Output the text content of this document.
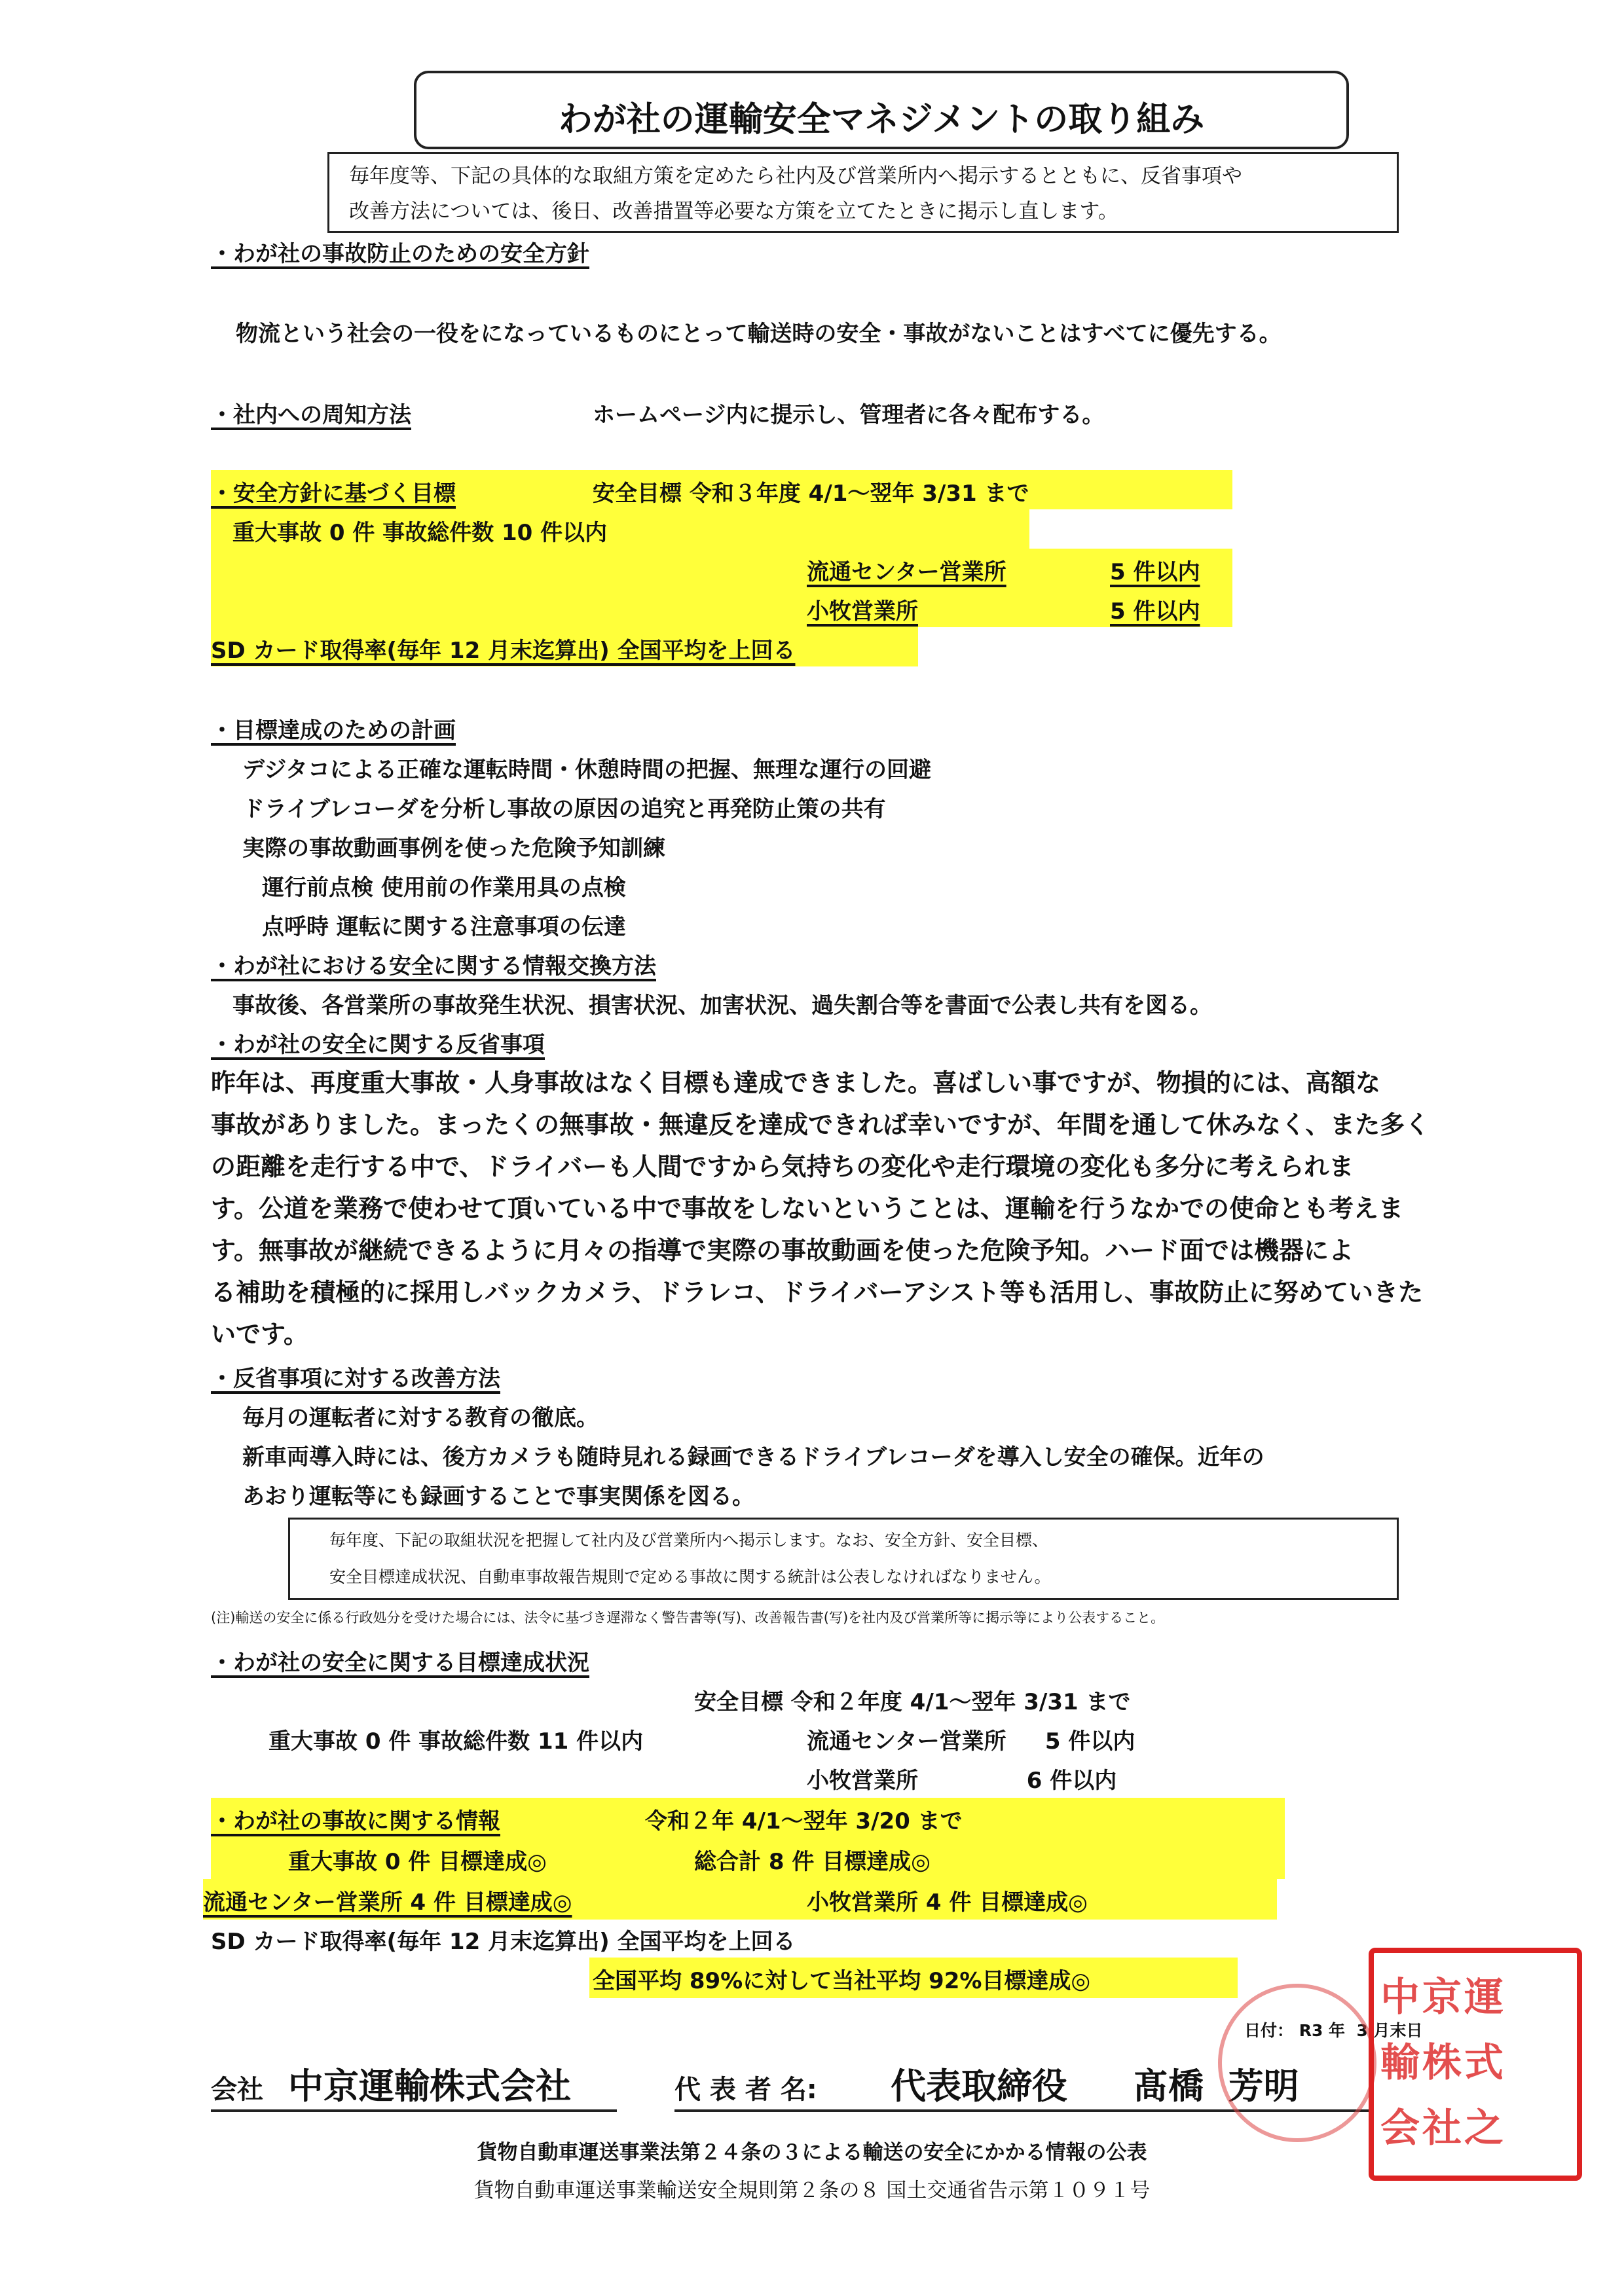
わが社の運輸安全マネジメントの取り組み
毎年度等、下記の具体的な取組方策を定めたら社内及び営業所内へ掲示するとともに、反省事項や
改善方法については、後日、改善措置等必要な方策を立てたときに掲示し直します。
・わが社の事故防止のための安全方針
物流という社会の一役をになっているものにとって輸送時の安全・事故がないことはすべてに優先する。
・社内への周知方法	ホームページ内に提示し、管理者に各々配布する。
・安全方針に基づく目標	安全目標 令和３年度 4/1～翌年 3/31 まで
重大事故 0 件 事故総件数 10 件以内
流通センター営業所	5 件以内
小牧営業所	5 件以内
SD カード取得率(毎年 12 月末迄算出) 全国平均を上回る
・目標達成のための計画
デジタコによる正確な運転時間・休憩時間の把握、無理な運行の回避
ドライブレコーダを分析し事故の原因の追究と再発防止策の共有
実際の事故動画事例を使った危険予知訓練
運行前点検 使用前の作業用具の点検
点呼時 運転に関する注意事項の伝達
・わが社における安全に関する情報交換方法
事故後、各営業所の事故発生状況、損害状況、加害状況、過失割合等を書面で公表し共有を図る。
・わが社の安全に関する反省事項
昨年は、再度重大事故・人身事故はなく目標も達成できました。喜ばしい事ですが、物損的には、高額な
事故がありました。まったくの無事故・無違反を達成できれば幸いですが、年間を通して休みなく、また多く
の距離を走行する中で、ドライバーも人間ですから気持ちの変化や走行環境の変化も多分に考えられま
す。公道を業務で使わせて頂いている中で事故をしないということは、運輸を行うなかでの使命とも考えま
す。無事故が継続できるように月々の指導で実際の事故動画を使った危険予知。ハード面では機器によ
る補助を積極的に採用しバックカメラ、ドラレコ、ドライバーアシスト等も活用し、事故防止に努めていきた
いです。
・反省事項に対する改善方法
毎月の運転者に対する教育の徹底。
新車両導入時には、後方カメラも随時見れる録画できるドライブレコーダを導入し安全の確保。近年の
あおり運転等にも録画することで事実関係を図る。
毎年度、下記の取組状況を把握して社内及び営業所内へ掲示します。なお、安全方針、安全目標、
安全目標達成状況、自動車事故報告規則で定める事故に関する統計は公表しなければなりません。
(注)輸送の安全に係る行政処分を受けた場合には、法令に基づき遅滞なく警告書等(写)、改善報告書(写)を社内及び営業所等に掲示等により公表すること。
・わが社の安全に関する目標達成状況
安全目標 令和２年度 4/1～翌年 3/31 まで
重大事故 0 件 事故総件数 11 件以内	流通センター営業所     5 件以内
小牧営業所              6 件以内
・わが社の事故に関する情報	令和２年 4/1～翌年 3/20 まで
重大事故 0 件 目標達成◎	総合計 8 件 目標達成◎
流通センター営業所 4 件 目標達成◎	小牧営業所 4 件 目標達成◎
SD カード取得率(毎年 12 月末迄算出) 全国平均を上回る
全国平均 89%に対して当社平均 92%目標達成◎
日付： R3 年  3 月末日
会社 中京運輸株式会社	代 表 者 名: 代表取締役 髙橋  芳明
中京運
輸株式
会社之
貨物自動車運送事業法第２４条の３による輸送の安全にかかる情報の公表
貨物自動車運送事業輸送安全規則第２条の８ 国土交通省告示第１０９１号
